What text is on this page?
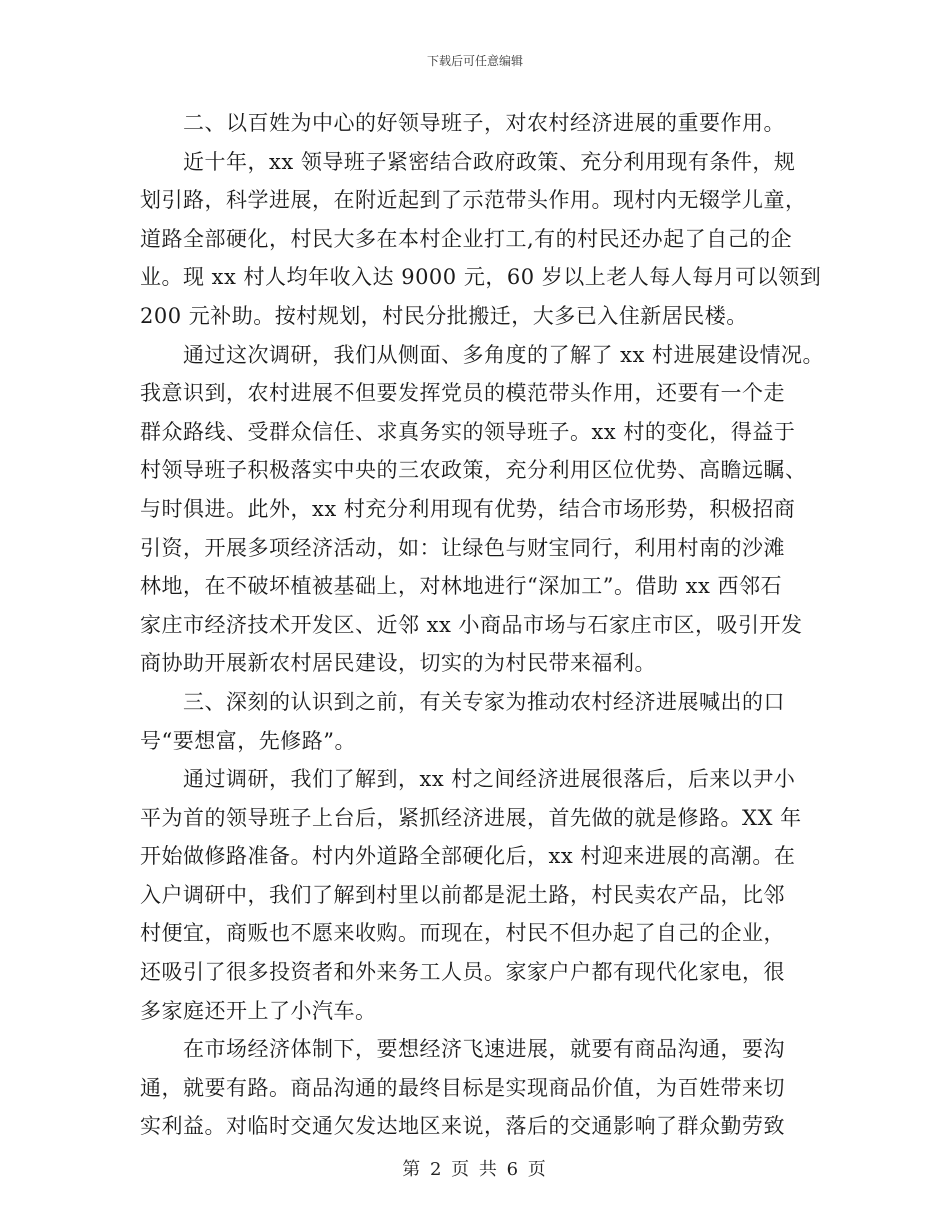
下载后可任意编辑
　　二、以百姓为中心的好领导班子，对农村经济进展的重要作用。
　　近十年，xx 领导班子紧密结合政府政策、充分利用现有条件，规
划引路，科学进展，在附近起到了示范带头作用。现村内无辍学儿童，
道路全部硬化，村民大多在本村企业打工,有的村民还办起了自己的企
业。现 xx 村人均年收入达 9000 元，60 岁以上老人每人每月可以领到
200 元补助。按村规划，村民分批搬迁，大多已入住新居民楼。
　　通过这次调研，我们从侧面、多角度的了解了 xx 村进展建设情况。
我意识到，农村进展不但要发挥党员的模范带头作用，还要有一个走
群众路线、受群众信任、求真务实的领导班子。xx 村的变化，得益于
村领导班子积极落实中央的三农政策，充分利用区位优势、高瞻远瞩、
与时俱进。此外，xx 村充分利用现有优势，结合市场形势，积极招商
引资，开展多项经济活动，如：让绿色与财宝同行，利用村南的沙滩
林地，在不破坏植被基础上，对林地进行“深加工”。借助 xx 西邻石
家庄市经济技术开发区、近邻 xx 小商品市场与石家庄市区，吸引开发
商协助开展新农村居民建设，切实的为村民带来福利。
　　三、深刻的认识到之前，有关专家为推动农村经济进展喊出的口
号“要想富，先修路”。
　　通过调研，我们了解到，xx 村之间经济进展很落后，后来以尹小
平为首的领导班子上台后，紧抓经济进展，首先做的就是修路。XX 年
开始做修路准备。村内外道路全部硬化后，xx 村迎来进展的高潮。在
入户调研中，我们了解到村里以前都是泥土路，村民卖农产品，比邻
村便宜，商贩也不愿来收购。而现在，村民不但办起了自己的企业，
还吸引了很多投资者和外来务工人员。家家户户都有现代化家电，很
多家庭还开上了小汽车。
　　在市场经济体制下，要想经济飞速进展，就要有商品沟通，要沟
通，就要有路。商品沟通的最终目标是实现商品价值，为百姓带来切
实利益。对临时交通欠发达地区来说，落后的交通影响了群众勤劳致
第 2 页 共 6 页
